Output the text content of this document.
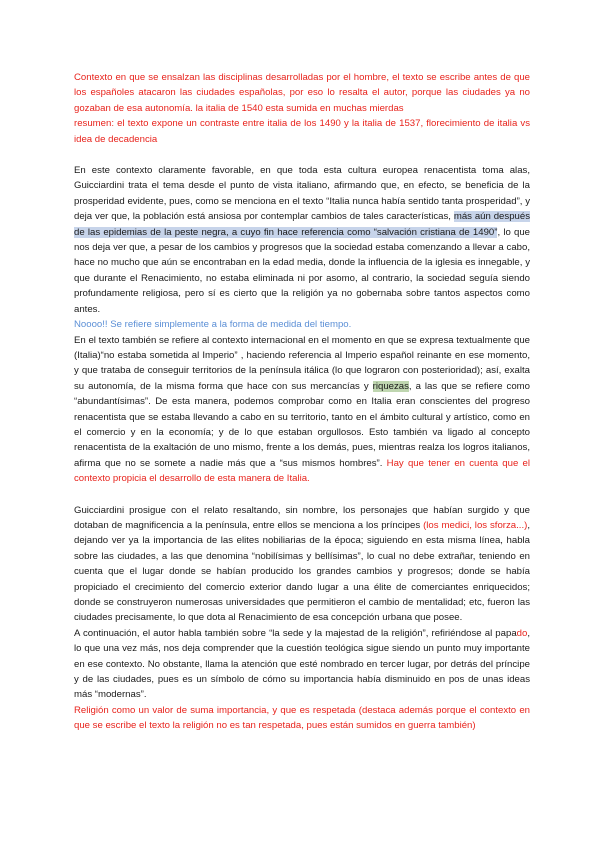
Contexto en que se ensalzan las disciplinas desarrolladas por el hombre, el texto se escribe antes de que los españoles atacaron las ciudades españolas, por eso lo resalta el autor, porque las ciudades ya no gozaban de esa autonomía. la italia de 1540 esta sumida en muchas mierdas

resumen: el texto expone un contraste entre italia de los 1490 y la italia de 1537, florecimiento de italia vs idea de decadencia

En este contexto claramente favorable, en que toda esta cultura europea renacentista toma alas, Guicciardini trata el tema desde el punto de vista italiano, afirmando que, en efecto, se beneficia de la prosperidad evidente, pues, como se menciona en el texto “Italia nunca había sentido tanta prosperidad”, y deja ver que, la población está ansiosa por contemplar cambios de tales características, más aún después de las epidemias de la peste negra, a cuyo fin hace referencia como “salvación cristiana de 1490”, lo que nos deja ver que, a pesar de los cambios y progresos que la sociedad estaba comenzando a llevar a cabo, hace no mucho que aún se encontraban en la edad media, donde la influencia de la iglesia es innegable, y que durante el Renacimiento, no estaba eliminada ni por asomo, al contrario, la sociedad seguía siendo profundamente religiosa, pero sí es cierto que la religión ya no gobernaba sobre tantos aspectos como antes.

Noooo!! Se refiere simplemente a la forma de medida del tiempo.

En el texto también se refiere al contexto internacional en el momento en que se expresa textualmente que (Italia)“no estaba sometida al Imperio” , haciendo referencia al Imperio español reinante en ese momento, y que trataba de conseguir territorios de la península itálica (lo que lograron con posterioridad); así, exalta su autonomía, de la misma forma que hace con sus mercancías y riquezas, a las que se refiere como “abundantísimas”. De esta manera, podemos comprobar como en Italia eran conscientes del progreso renacentista que se estaba llevando a cabo en su territorio, tanto en el ámbito cultural y artístico, como en el comercio y en la economía; y de lo que estaban orgullosos. Esto también va ligado al concepto renacentista de la exaltación de uno mismo, frente a los demás, pues, mientras realza los logros italianos, afirma que no se somete a nadie más que a “sus mismos hombres”. Hay que tener en cuenta que el contexto propicia el desarrollo de esta manera de Italia.

Guicciardini prosigue con el relato resaltando, sin nombre, los personajes que habían surgido y que dotaban de magnificencia a la península, entre ellos se menciona a los príncipes (los medici, los sforza...), dejando ver ya la importancia de las elites nobiliarias de la época; siguiendo en esta misma línea, habla sobre las ciudades, a las que denomina “nobilísimas y bellísimas”, lo cual no debe extrañar, teniendo en cuenta que el lugar donde se habían producido los grandes cambios y progresos; donde se había propiciado el crecimiento del comercio exterior dando lugar a una élite de comerciantes enriquecidos; donde se construyeron numerosas universidades que permitieron el cambio de mentalidad; etc, fueron las ciudades precisamente, lo que dota al Renacimiento de esa concepción urbana que posee.

A continuación, el autor habla también sobre “la sede y la majestad de la religión”, refiriéndose al papado, lo que una vez más, nos deja comprender que la cuestión teológica sigue siendo un punto muy importante en ese contexto. No obstante, llama la atención que esté nombrado en tercer lugar, por detrás del príncipe y de las ciudades, pues es un símbolo de cómo su importancia había disminuido en pos de unas ideas más “modernas”.

Religión como un valor de suma importancia, y que es respetada (destaca además porque el contexto en que se escribe el texto la religión no es tan respetada, pues están sumidos en guerra también)
